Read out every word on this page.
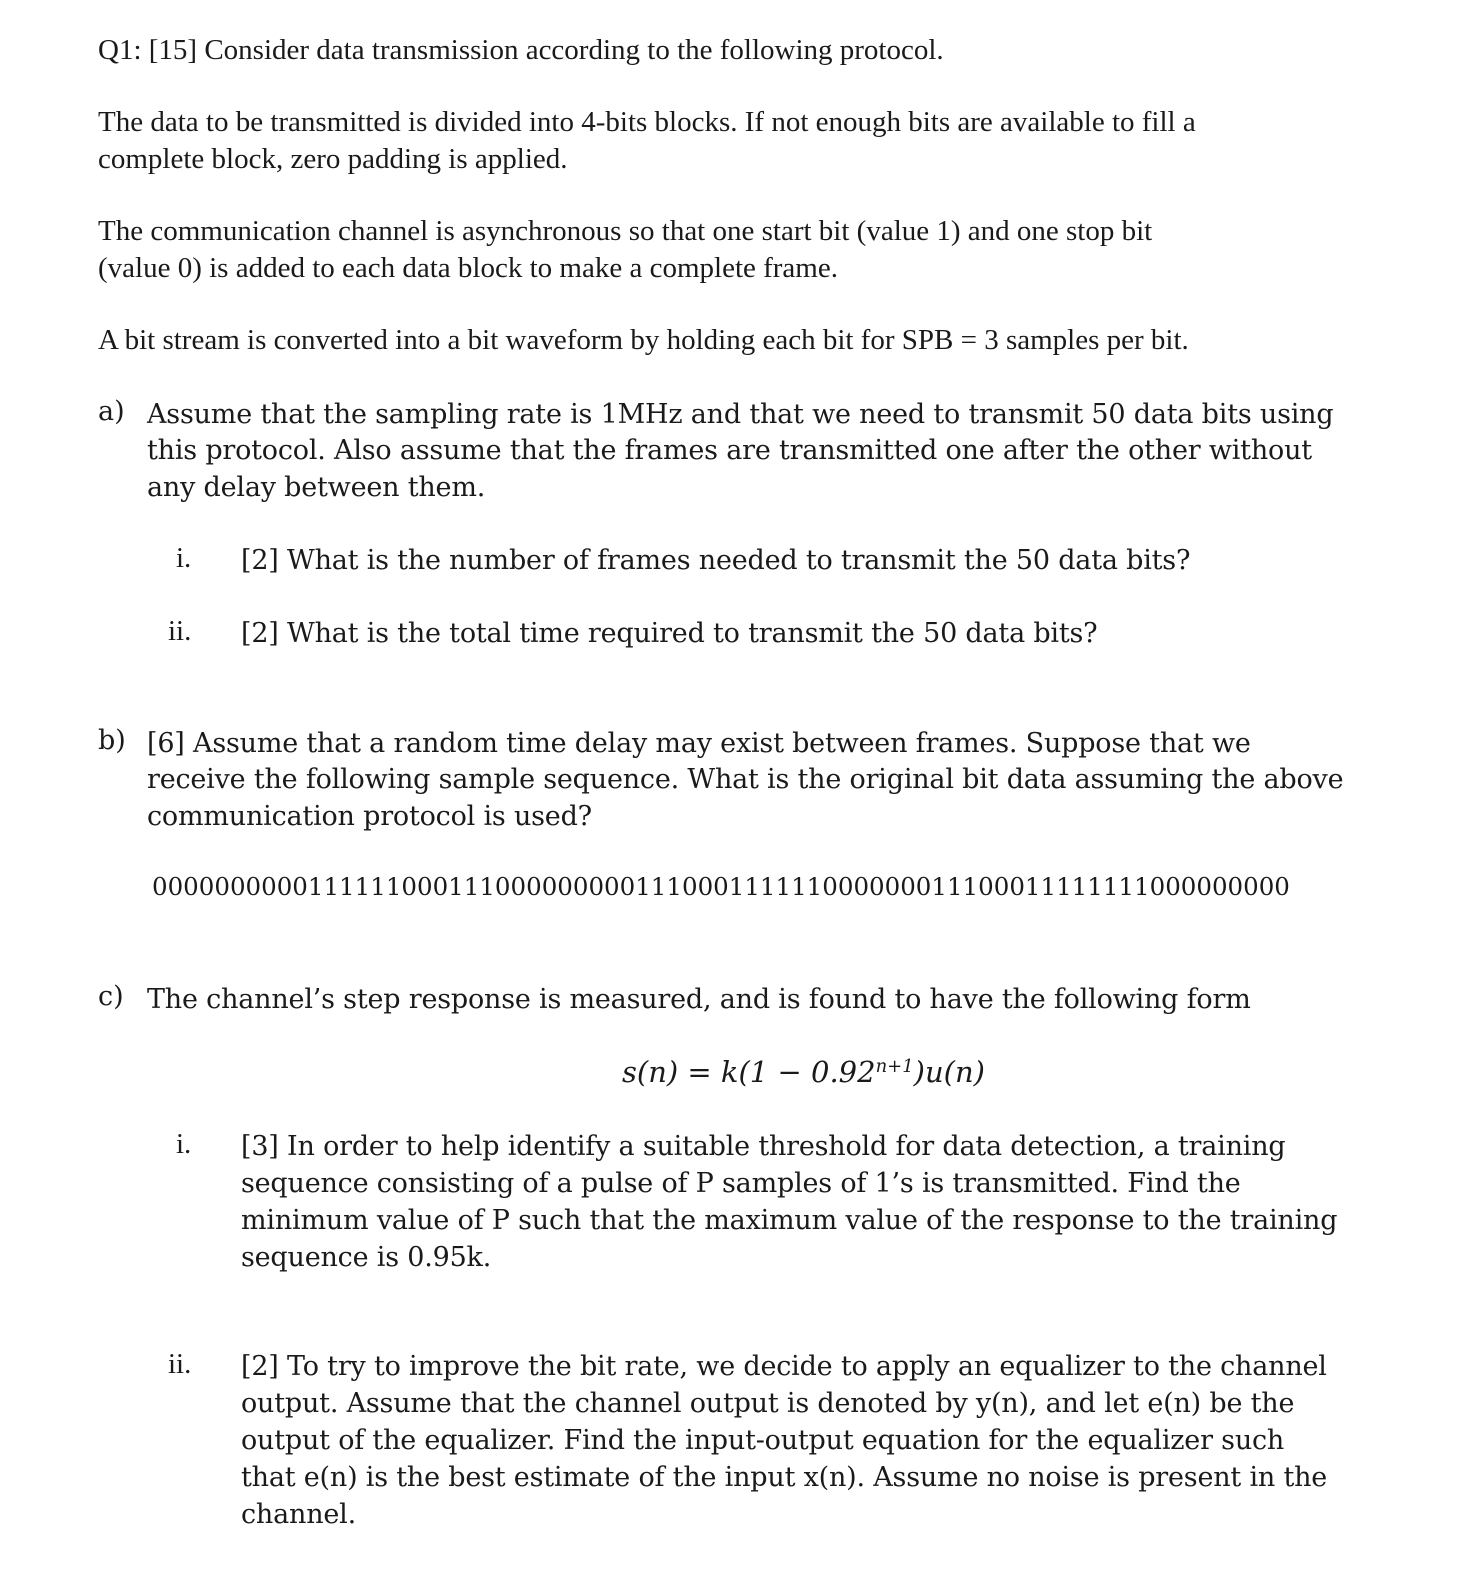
Q1: [15] Consider data transmission according to the following protocol.
The data to be transmitted is divided into 4-bits blocks. If not enough bits are available to fill a
complete block, zero padding is applied.
The communication channel is asynchronous so that one start bit (value 1) and one stop bit
(value 0) is added to each data block to make a complete frame.
A bit stream is converted into a bit waveform by holding each bit for SPB = 3 samples per bit.
a) Assume that the sampling rate is 1MHz and that we need to transmit 50 data bits using
this protocol. Also assume that the frames are transmitted one after the other without
any delay between them.
i. [2] What is the number of frames needed to transmit the 50 data bits?
ii. [2] What is the total time required to transmit the 50 data bits?
b) [6] Assume that a random time delay may exist between frames. Suppose that we
receive the following sample sequence. What is the original bit data assuming the above
communication protocol is used?
0000000000111111000111000000000111000111111000000011100011111111000000000
c) The channel’s step response is measured, and is found to have the following form
$s(n) = k(1 - 0.92^{n+1})u(n)$
i. [3] In order to help identify a suitable threshold for data detection, a training
sequence consisting of a pulse of P samples of 1’s is transmitted. Find the
minimum value of P such that the maximum value of the response to the training
sequence is 0.95k.
ii. [2] To try to improve the bit rate, we decide to apply an equalizer to the channel
output. Assume that the channel output is denoted by y(n), and let e(n) be the
output of the equalizer. Find the input-output equation for the equalizer such
that e(n) is the best estimate of the input x(n). Assume no noise is present in the
channel.
